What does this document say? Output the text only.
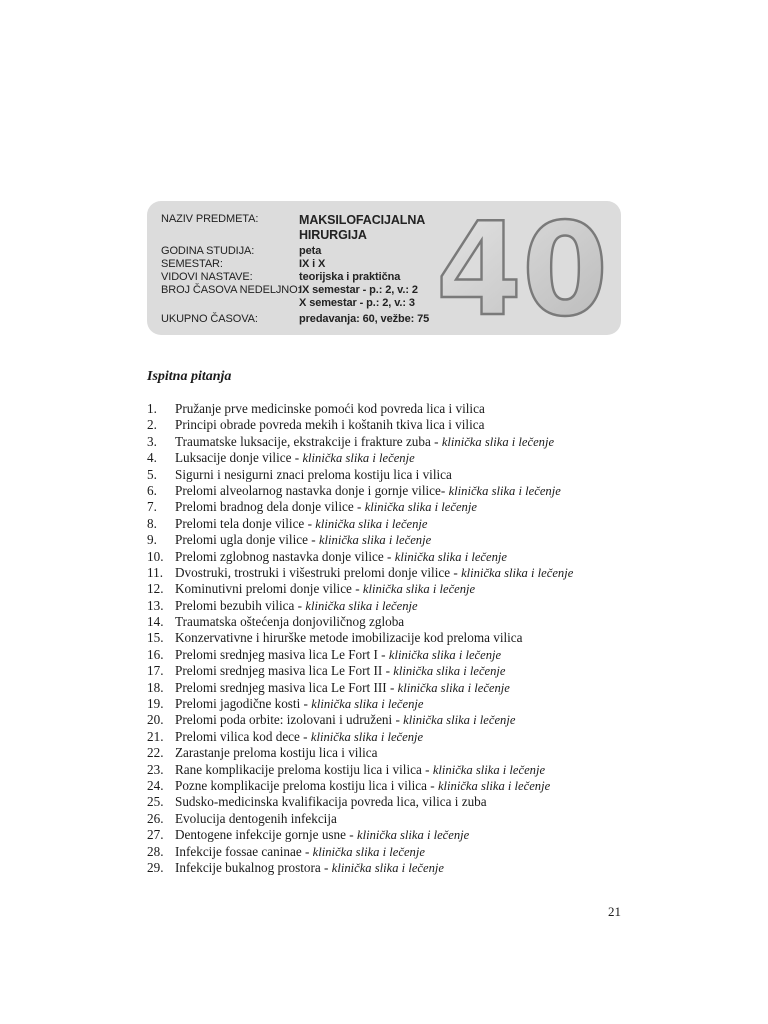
NAZIV PREDMETA:	MAKSILOFACIJALNA
HIRURGIJA
GODINA STUDIJA:	peta
SEMESTAR:	IX i X
VIDOVI NASTAVE:	teorijska i praktična
BROJ ČASOVA NEDELJNO:
IX semestar - p.: 2, v.: 2
X semestar - p.: 2, v.: 3
UKUPNO ČASOVA:	predavanja: 60, vežbe: 75 40
Ispitna pitanja
1.	Pružanje prve medicinske pomoći kod povreda lica i vilica
2.	Principi obrade povreda mekih i koštanih tkiva lica i vilica
3.	Traumatske luksacije, ekstrakcije i frakture zuba - klinička slika i lečenje
4.	Luksacije donje vilice - klinička slika i lečenje
5.	Sigurni i nesigurni znaci preloma kostiju lica i vilica
6.	Prelomi alveolarnog nastavka donje i gornje vilice- klinička slika i lečenje
7.	Prelomi bradnog dela donje vilice - klinička slika i lečenje
8.	Prelomi tela donje vilice - klinička slika i lečenje
9.	Prelomi ugla donje vilice - klinička slika i lečenje
10. Prelomi zglobnog nastavka donje vilice - klinička slika i lečenje
11. Dvostruki, trostruki i višestruki prelomi donje vilice - klinička slika i lečenje
12. Kominutivni prelomi donje vilice - klinička slika i lečenje
13. Prelomi bezubih vilica - klinička slika i lečenje
14. Traumatska oštećenja donjoviličnog zgloba
15. Konzervativne i hirurške metode imobilizacije kod preloma vilica
16. Prelomi srednjeg masiva lica Le Fort I - klinička slika i lečenje
17. Prelomi srednjeg masiva lica Le Fort II - klinička slika i lečenje
18. Prelomi srednjeg masiva lica Le Fort III - klinička slika i lečenje
19. Prelomi jagodične kosti - klinička slika i lečenje
20. Prelomi poda orbite: izolovani i udruženi - klinička slika i lečenje
21. Prelomi vilica kod dece - klinička slika i lečenje
22. Zarastanje preloma kostiju lica i vilica
23. Rane komplikacije preloma kostiju lica i vilica - klinička slika i lečenje
24. Pozne komplikacije preloma kostiju lica i vilica - klinička slika i lečenje
25. Sudsko-medicinska kvalifikacija povreda lica, vilica i zuba
26. Evolucija dentogenih infekcija
27. Dentogene infekcije gornje usne - klinička slika i lečenje
28. Infekcije fossae caninae - klinička slika i lečenje
29. Infekcije bukalnog prostora - klinička slika i lečenje
21
